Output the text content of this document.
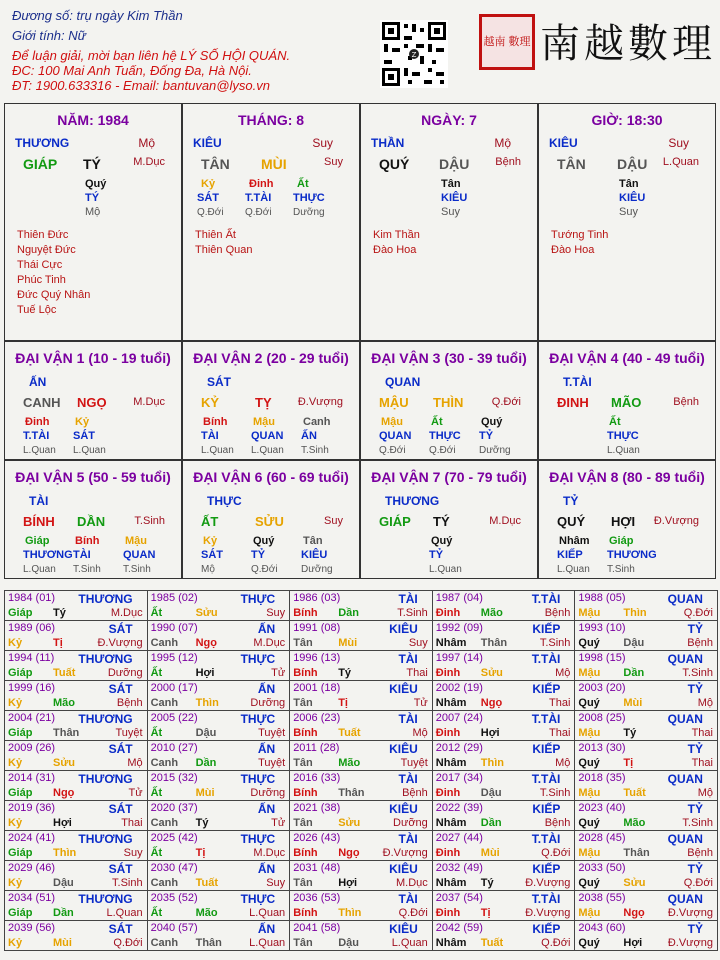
Đương số: trụ ngày Kim Thần
Giới tính: Nữ
Để luận giải, mời bạn liên hệ LÝ SỐ HỘI QUÁN.
ĐC: 100 Mai Anh Tuấn, Đống Đa, Hà Nội.
ĐT: 1900.633316 - Email: bantuvan@lyso.vn
Z
越南 數理 南越數理
NĂM: 1984
THƯƠNG	Mộ
GIÁP TÝ	M.Dục
Quý
TÝ
Mộ
Thiên Đức
Nguyệt Đức
Thái Cực
Phúc Tinh
Đức Quý Nhân
Tuế Lộc
THÁNG: 8
KIÊU	Suy
TÂN MÙI	Suy
Kỷ
SÁT
Q.Đới
Đinh
T.TÀI
Q.Đới
Ất
THỰC
Dưỡng
Thiên Ất
Thiên Quan
NGÀY: 7
THẦN	Mộ
QUÝ DẬU Bệnh
Tân
KIÊU
Suy
Kim Thần
Đào Hoa
GIỜ: 18:30
KIÊU	Suy
TÂN DẬU L.Quan
Tân
KIÊU
Suy
Tướng Tinh
Đào Hoa
ĐẠI VẬN 1 (10 - 19 tuổi)
ẤN
CANH NGỌ M.Dục
Đinh
T.TÀI
L.Quan
Kỷ
SÁT
L.Quan
ĐẠI VẬN 2 (20 - 29 tuổi)
SÁT
KỶ	TỴ Đ.Vượng
Bính
TÀI
L.Quan
Mậu
QUAN
L.Quan
Canh
ẤN
T.Sinh
ĐẠI VẬN 3 (30 - 39 tuổi)
QUAN
MẬU THÌN	Q.Đới
Mậu
QUAN
Q.Đới
Ất
THỰC
Q.Đới
Quý
TỶ
Dưỡng
ĐẠI VẬN 4 (40 - 49 tuổi)
T.TÀI
ĐINH MÃO	Bệnh
Ất
THỰC
L.Quan
ĐẠI VẬN 5 (50 - 59 tuổi)
TÀI
BÍNH DẦN	T.Sinh
Giáp
THƯƠNG
L.Quan
Bính
TÀI
T.Sinh
Mậu
QUAN
T.Sinh
ĐẠI VẬN 6 (60 - 69 tuổi)
THỰC
ẤT	SỬU	Suy
Kỷ
SÁT
Mộ
Quý
TỶ
Q.Đới
Tân
KIÊU
Dưỡng
ĐẠI VẬN 7 (70 - 79 tuổi)
THƯƠNG
GIÁP TÝ	M.Dục
Quý
TỶ
L.Quan
ĐẠI VẬN 8 (80 - 89 tuổi)
TỶ
QUÝ HỢI Đ.Vượng
Nhâm
KIẾP
L.Quan
Giáp
THƯƠNG
T.Sinh
1984 (01) THƯƠNG
Giáp Tý	M.Dục
1985 (02)	THỰC
Ất	Sửu	Suy
1986 (03)	TÀI
Bính Dần	T.Sinh
1987 (04)	T.TÀI
Đinh Mão	Bệnh
1988 (05)	QUAN
Mậu Thìn	Q.Đới
1989 (06)	SÁT
Kỷ	Tị	Đ.Vượng
1990 (07)	ẤN
Canh Ngọ	M.Dục
1991 (08)	KIÊU
Tân Mùi	Suy
1992 (09)	KIẾP
Nhâm Thân	T.Sinh
1993 (10)	TỶ
Quý Dậu	Bệnh
1994 (11) THƯƠNG
Giáp Tuất	Dưỡng
1995 (12)	THỰC
Ất	Hợi	Tử
1996 (13)	TÀI
Bính Tý	Thai
1997 (14)	T.TÀI
Đinh Sửu	Mộ
1998 (15)	QUAN
Mậu Dần	T.Sinh
1999 (16)	SÁT
Kỷ	Mão	Bệnh
2000 (17)	ẤN
Canh Thìn	Dưỡng
2001 (18)	KIÊU
Tân Tị	Tử
2002 (19)	KIẾP
Nhâm Ngọ	Thai
2003 (20)	TỶ
Quý Mùi	Mộ
2004 (21) THƯƠNG
Giáp Thân	Tuyệt
2005 (22)	THỰC
Ất	Dậu	Tuyệt
2006 (23)	TÀI
Bính Tuất	Mộ
2007 (24)	T.TÀI
Đinh Hợi	Thai
2008 (25)	QUAN
Mậu Tý	Thai
2009 (26)	SÁT
Kỷ	Sửu	Mộ
2010 (27)	ẤN
Canh Dần	Tuyệt
2011 (28)	KIÊU
Tân Mão	Tuyệt
2012 (29)	KIẾP
Nhâm Thìn	Mộ
2013 (30)	TỶ
Quý Tị	Thai
2014 (31) THƯƠNG
Giáp Ngọ	Tử
2015 (32)	THỰC
Ất	Mùi	Dưỡng
2016 (33)	TÀI
Bính Thân	Bệnh
2017 (34)	T.TÀI
Đinh Dậu	T.Sinh
2018 (35)	QUAN
Mậu Tuất	Mộ
2019 (36)	SÁT
Kỷ	Hợi	Thai
2020 (37)	ẤN
Canh Tý	Tử
2021 (38)	KIÊU
Tân Sửu	Dưỡng
2022 (39)	KIẾP
Nhâm Dần	Bệnh
2023 (40)	TỶ
Quý Mão	T.Sinh
2024 (41) THƯƠNG
Giáp Thìn	Suy
2025 (42)	THỰC
Ất	Tị	M.Dục
2026 (43)	TÀI
Bính Ngọ Đ.Vượng
2027 (44)	T.TÀI
Đinh Mùi	Q.Đới
2028 (45)	QUAN
Mậu Thân	Bệnh
2029 (46)	SÁT
Kỷ	Dậu	T.Sinh
2030 (47)	ẤN
Canh Tuất	Suy
2031 (48)	KIÊU
Tân Hợi	M.Dục
2032 (49)	KIẾP
Nhâm Tý	Đ.Vượng
2033 (50)	TỶ
Quý Sửu	Q.Đới
2034 (51) THƯƠNG
Giáp Dần	L.Quan
2035 (52)	THỰC
Ất	Mão	L.Quan
2036 (53)	TÀI
Bính Thìn	Q.Đới
2037 (54)	T.TÀI
Đinh Tị	Đ.Vượng
2038 (55)	QUAN
Mậu Ngọ Đ.Vượng
2039 (56)	SÁT
Kỷ	Mùi	Q.Đới
2040 (57)	ẤN
Canh Thân L.Quan
2041 (58)	KIÊU
Tân Dậu	L.Quan
2042 (59)	KIẾP
Nhâm Tuất	Q.Đới
2043 (60)	TỶ
Quý Hợi Đ.Vượng
